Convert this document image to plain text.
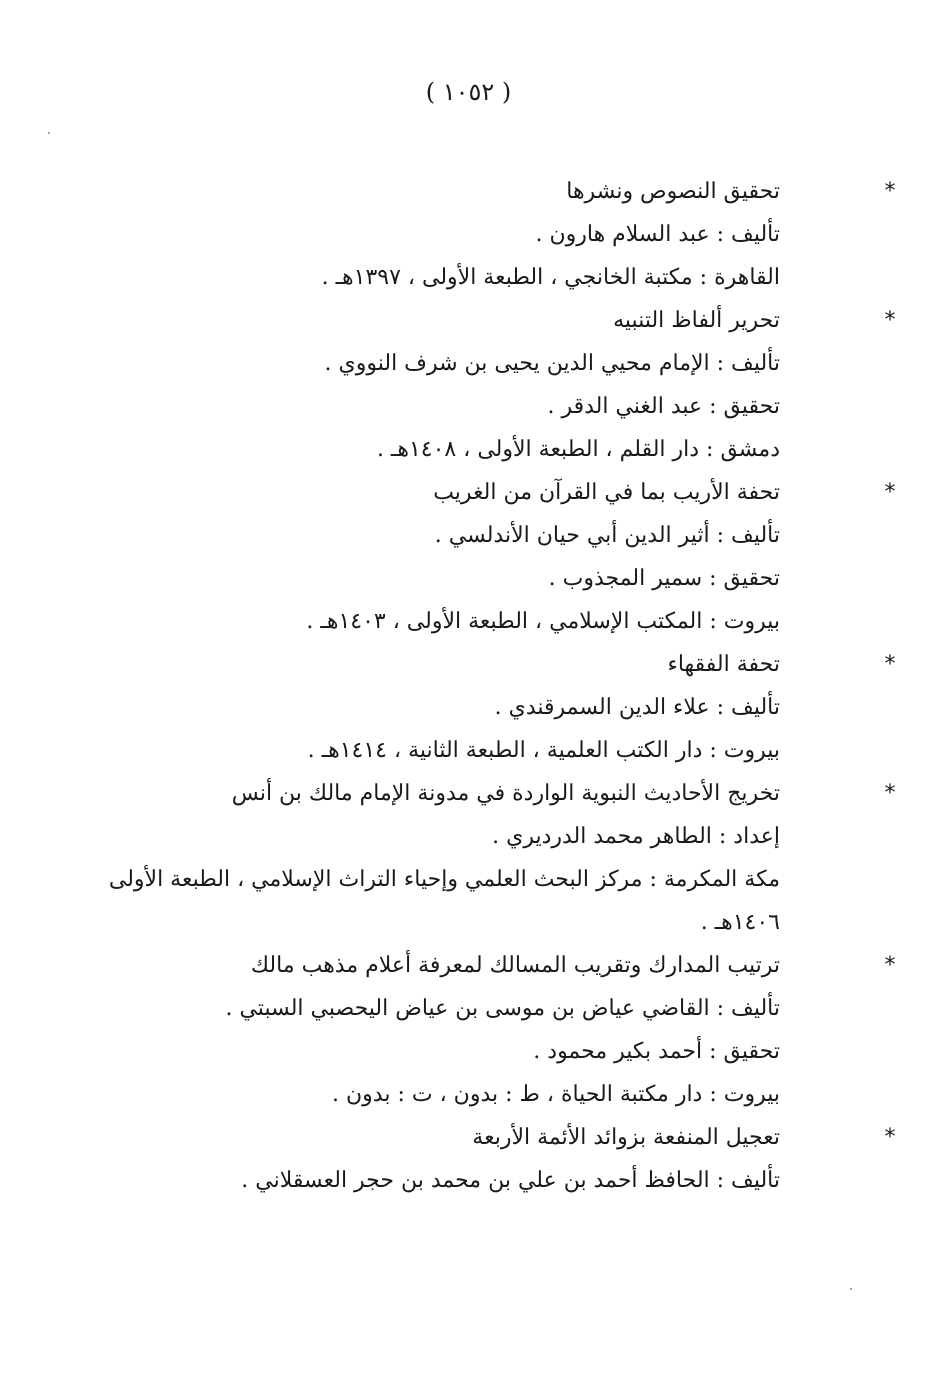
( ١٠٥٢ )
*
تحقيق النصوص ونشرها
تأليف : عبد السلام هارون .
القاهرة : مكتبة الخانجي ، الطبعة الأولى ، ١٣٩٧هـ .
*
تحرير ألفاظ التنبيه
تأليف : الإمام محيي الدين يحيى بن شرف النووي .
تحقيق : عبد الغني الدقر .
دمشق : دار القلم ، الطبعة الأولى ، ١٤٠٨هـ .
*
تحفة الأريب بما في القرآن من الغريب
تأليف : أثير الدين أبي حيان الأندلسي .
تحقيق : سمير المجذوب .
بيروت : المكتب الإسلامي ، الطبعة الأولى ، ١٤٠٣هـ .
*
تحفة الفقهاء
تأليف : علاء الدين السمرقندي .
بيروت : دار الكتب العلمية ، الطبعة الثانية ، ١٤١٤هـ .
*
تخريج الأحاديث النبوية الواردة في مدونة الإمام مالك بن أنس
إعداد : الطاهر محمد الدرديري .
مكة المكرمة : مركز البحث العلمي وإحياء التراث الإسلامي ، الطبعة الأولى
١٤٠٦هـ .
*
ترتيب المدارك وتقريب المسالك لمعرفة أعلام مذهب مالك
تأليف : القاضي عياض بن موسى بن عياض اليحصبي السبتي .
تحقيق : أحمد بكير محمود .
بيروت : دار مكتبة الحياة ، ط : بدون ، ت : بدون .
*
تعجيل المنفعة بزوائد الأئمة الأربعة
تأليف : الحافظ أحمد بن علي بن محمد بن حجر العسقلاني .
